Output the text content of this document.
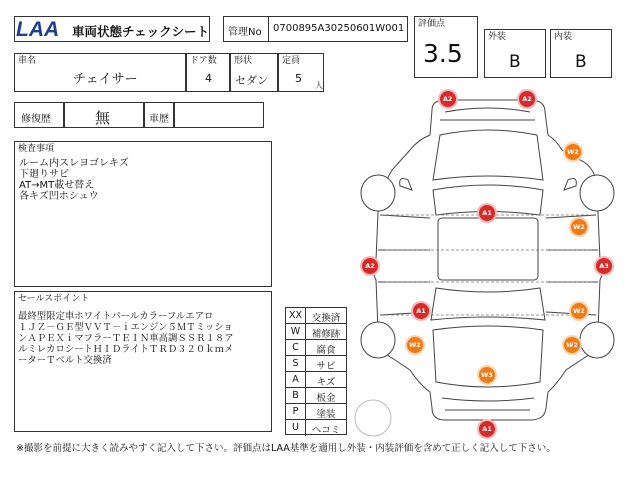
LAA 車両状態チェックシート 管理No 0700895A30250601W001 評価点
3.5
外装
B
内装
B
車名
チェイサー
ドア数
4
形状
セダン
定員
5
人
修復歴	無	車歴
検査事項
ルーム内スレヨゴレキズ
下廻りサビ
AT→MT載せ替え
各キズ凹ホシュウ
セールスポイント
最終型限定車ホワイトパールカラーフルエアロ
１ＪＺ－ＧＥ型ＶＶＴ－ｉエンジン５ＭＴミッショ
ンＡＰＥＸｉマフラーＴＥＩＮ車高調ＳＳＲ１８ア
ルミレカロシートＨＩＤライトＴＲＤ３２０ｋｍメ
ーターＴベルト交換済
XX	交換済
W	補修跡
C	腐食
S	サビ
A	キズ
B	板金
P	塗装
U	ヘコミ
A2	A2
W2
A1
W2
A2	A3
W2
A1
W2	W2
W3
A1
※撮影を前提に大きく読みやすく記入して下さい。評価点はLAA基準を適用し外装・内装評価を含めて正しく記入して下さい。
